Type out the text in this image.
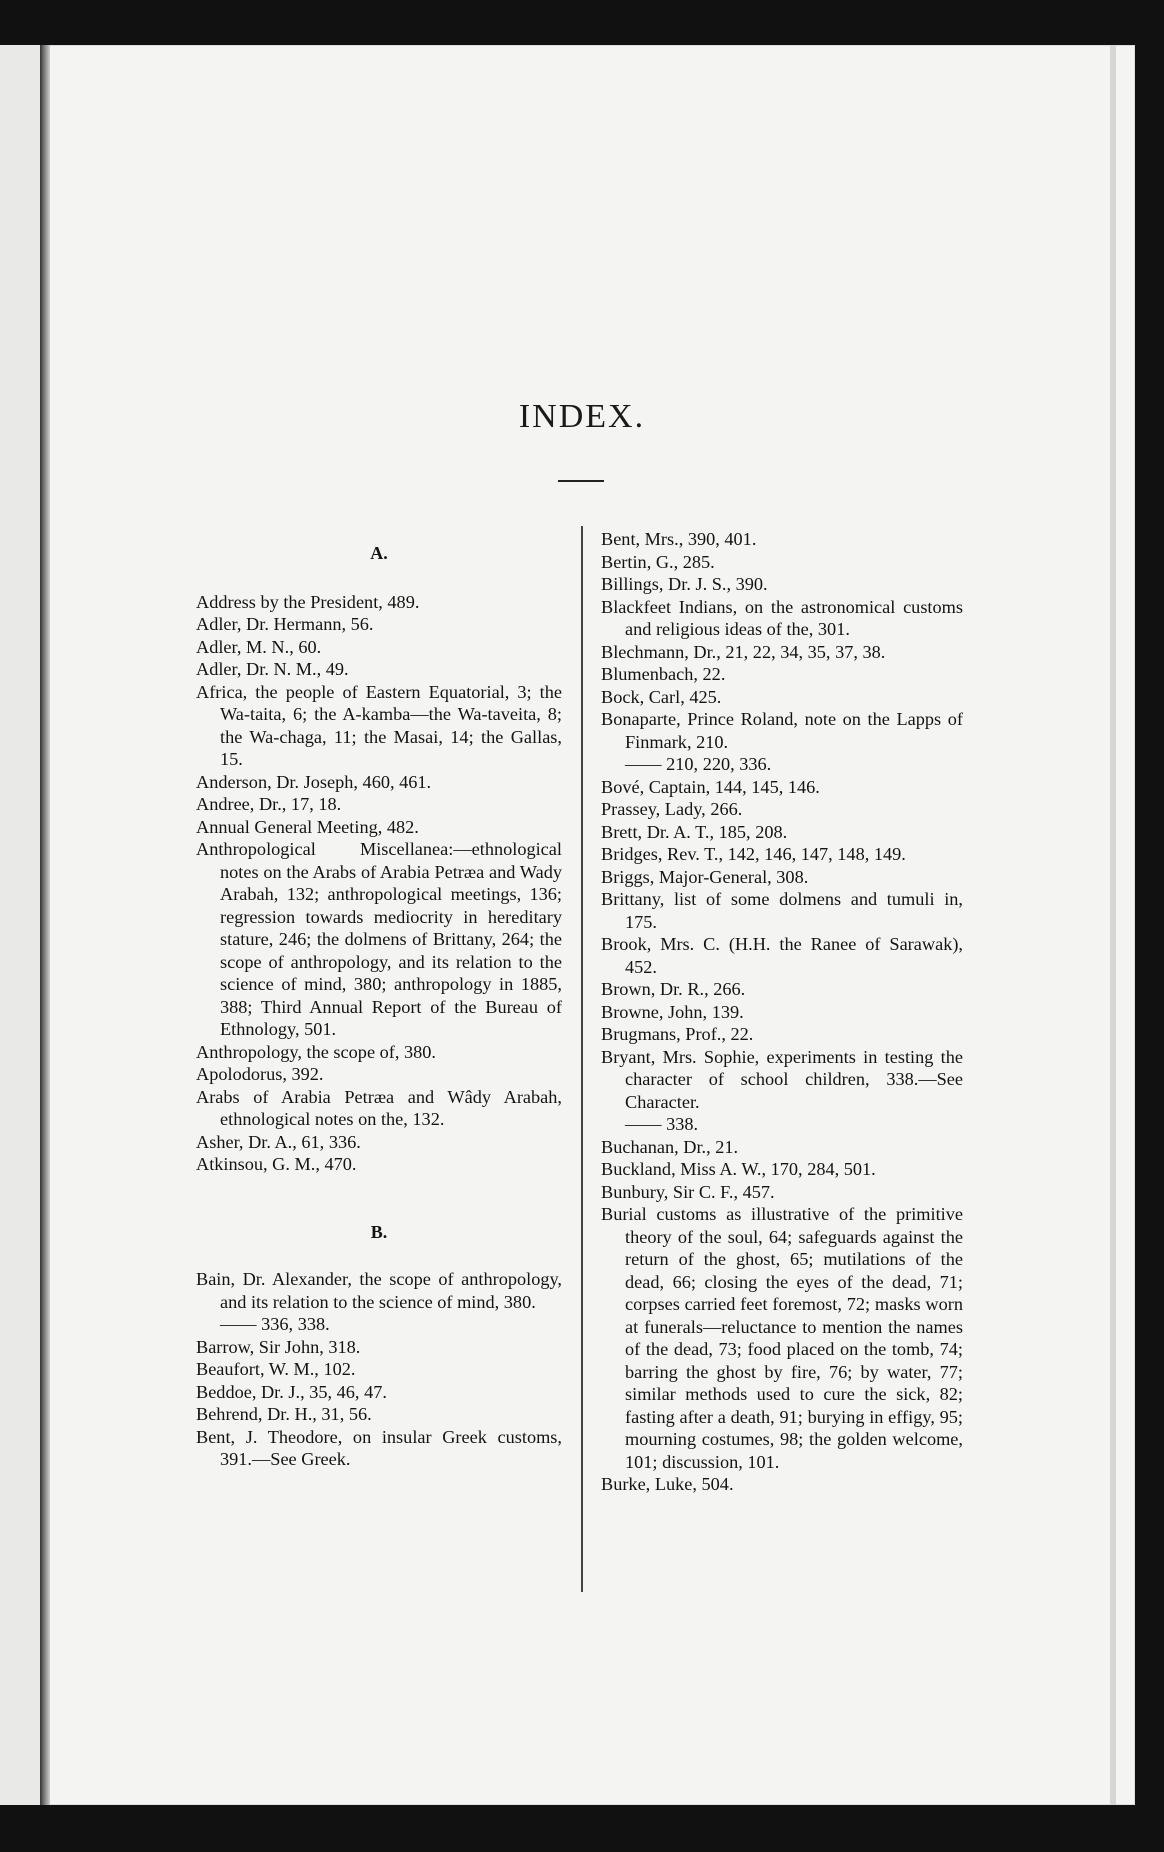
INDEX.

A.

Address by the President, 489.

Adler, Dr. Hermann, 56.

Adler, M. N., 60.

Adler, Dr. N. M., 49.

Africa, the people of Eastern Equatorial, 3; the Wa-taita, 6; the A-kamba—the Wa-taveita, 8; the Wa-chaga, 11; the Masai, 14; the Gallas, 15.

Anderson, Dr. Joseph, 460, 461.

Andree, Dr., 17, 18.

Annual General Meeting, 482.

Anthropological Miscellanea:—ethnological notes on the Arabs of Arabia Petræa and Wady Arabah, 132; anthropological meetings, 136; regression towards mediocrity in hereditary stature, 246; the dolmens of Brittany, 264; the scope of anthropology, and its relation to the science of mind, 380; anthropology in 1885, 388; Third Annual Report of the Bureau of Ethnology, 501.

Anthropology, the scope of, 380.

Apolodorus, 392.

Arabs of Arabia Petræa and Wâdy Arabah, ethnological notes on the, 132.

Asher, Dr. A., 61, 336.

Atkinsou, G. M., 470.

B.

Bain, Dr. Alexander, the scope of anthropology, and its relation to the science of mind, 380.

—— 336, 338.

Barrow, Sir John, 318.

Beaufort, W. M., 102.

Beddoe, Dr. J., 35, 46, 47.

Behrend, Dr. H., 31, 56.

Bent, J. Theodore, on insular Greek customs, 391.—See Greek.

Bent, Mrs., 390, 401.

Bertin, G., 285.

Billings, Dr. J. S., 390.

Blackfeet Indians, on the astronomical customs and religious ideas of the, 301.

Blechmann, Dr., 21, 22, 34, 35, 37, 38.

Blumenbach, 22.

Bock, Carl, 425.

Bonaparte, Prince Roland, note on the Lapps of Finmark, 210.

—— 210, 220, 336.

Bové, Captain, 144, 145, 146.

Prassey, Lady, 266.

Brett, Dr. A. T., 185, 208.

Bridges, Rev. T., 142, 146, 147, 148, 149.

Briggs, Major-General, 308.

Brittany, list of some dolmens and tumuli in, 175.

Brook, Mrs. C. (H.H. the Ranee of Sarawak), 452.

Brown, Dr. R., 266.

Browne, John, 139.

Brugmans, Prof., 22.

Bryant, Mrs. Sophie, experiments in testing the character of school children, 338.—See Character.

—— 338.

Buchanan, Dr., 21.

Buckland, Miss A. W., 170, 284, 501.

Bunbury, Sir C. F., 457.

Burial customs as illustrative of the primitive theory of the soul, 64; safeguards against the return of the ghost, 65; mutilations of the dead, 66; closing the eyes of the dead, 71; corpses carried feet foremost, 72; masks worn at funerals—reluctance to mention the names of the dead, 73; food placed on the tomb, 74; barring the ghost by fire, 76; by water, 77; similar methods used to cure the sick, 82; fasting after a death, 91; burying in effigy, 95; mourning costumes, 98; the golden welcome, 101; discussion, 101.

Burke, Luke, 504.
